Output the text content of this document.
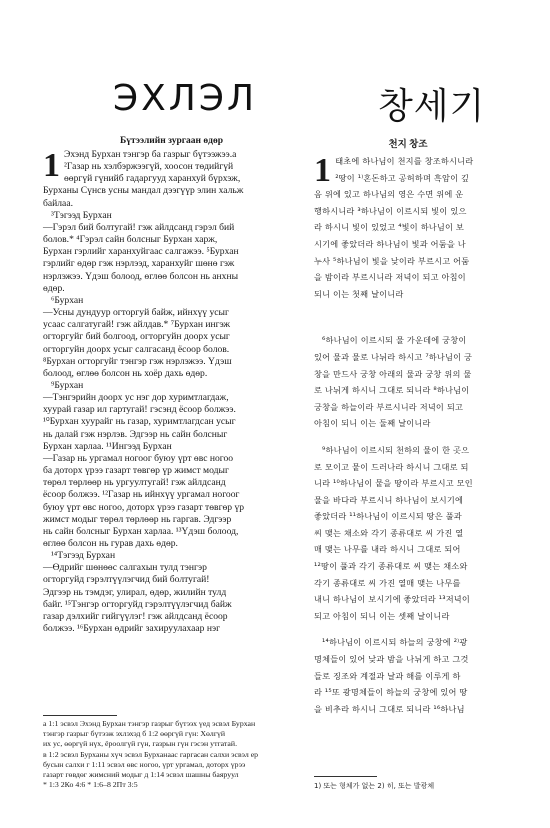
ЭХЛЭЛ	창세기
Бүтээлийн зургаан өдөр
1 Эхэнд Бурхан тэнгэр ба газрыг бүтээжээ.а
²Газар нь хэлбэржээгүй, хоосон төдийгүй
өөргүй гүнийб гадаргууд харанхуй бүрхэж,
Бурханы Сүнсв усны мандал дээгүүр элин хальж
байлаа.
³Тэгээд Бурхан
—Гэрэл бий болтугай! гэж айлдсанд гэрэл бий
болов.* ⁴Гэрэл сайн болсныг Бурхан харж,
Бурхан гэрлийг харанхуйгаас салгажээ. ⁵Бурхан
гэрлийг өдөр гэж нэрлээд, харанхуйг шөнө гэж
нэрлэжээ. Үдэш болоод, өглөө болсон нь анхны
өдөр.
⁶Бурхан
—Усны дундуур огторгуй байж, ийнхүү усыг
усаас салгатугай! гэж айлдав.* ⁷Бурхан ингэж
огторгуйг бий болгоод, огторгуйн доорх усыг
огторгуйн доорх усыг салгасанд ёсоор болов.
⁸Бурхан огторгуйг тэнгэр гэж нэрлэжээ. Үдэш
болоод, өглөө болсон нь хоёр дахь өдөр.
⁹Бурхан
—Тэнгэрийн доорх ус нэг дор хуримтлагдаж,
хуурай газар ил гартугай! гэсэнд ёсоор болжээ.
¹⁰Бурхан хуурайг нь газар, хуримтлагдсан усыг
нь далай гэж нэрлэв. Эдгээр нь сайн болсныг
Бурхан харлаа. ¹¹Ингээд Бурхан
—Газар нь ургамал ногоог буюу үрт өвс ногоо
ба доторх үрээ газарт төвгөр үр жимст модыг
төрөл төрлөөр нь ургуултугай! гэж айлдсанд
ёсоор болжээ. ¹²Газар нь ийнхүү ургамал ногоог
буюу үрт өвс ногоо, доторх үрээ газарт төвгөр үр
жимст модыг төрөл төрлөөр нь гаргав. Эдгээр
нь сайн болсныг Бурхан харлаа. ¹³Үдэш болоод,
өглөө болсон нь гурав дахь өдөр.
¹⁴Тэгээд Бурхан
—Өдрийг шөнөөс салгахын тулд тэнгэр
огторгуйд гэрэлтүүлэгчид бий болтугай!
Эдгээр нь тэмдэг, улирал, өдөр, жилийн тулд
байг. ¹⁵Тэнгэр огторгуйд гэрэлтүүлэгчид байж
газар дэлхийг гийгүүлэг! гэж айлдсанд ёсоор
болжээ. ¹⁶Бурхан өдрийг захируулахаар нэг
천지 창조
1 태초에 하나님이 천지를 창조하시니라
²땅이 ¹⁾혼돈하고 공허하며 흑암이 깊
음 위에 있고 하나님의 영은 수면 위에 운
행하시니라 ³하나님이 이르시되 빛이 있으
라 하시니 빛이 있었고 ⁴빛이 하나님이 보
시기에 좋았더라 하나님이 빛과 어둠을 나
누사 ⁵하나님이 빛을 낮이라 부르시고 어둠
을 밤이라 부르시니라 저녁이 되고 아침이
되니 이는 첫째 날이니라
⁶하나님이 이르시되 물 가운데에 궁창이
있어 물과 물로 나뉘라 하시고 ⁷하나님이 궁
창을 만드사 궁창 아래의 물과 궁창 위의 물
로 나뉘게 하시니 그대로 되니라 ⁸하나님이
궁창을 하늘이라 부르시니라 저녁이 되고
아침이 되니 이는 둘째 날이니라
⁹하나님이 이르시되 천하의 물이 한 곳으
로 모이고 뭍이 드러나라 하시니 그대로 되
니라 ¹⁰하나님이 뭍을 땅이라 부르시고 모인
물을 바다라 부르시니 하나님이 보시기에
좋았더라 ¹¹하나님이 이르시되 땅은 풀과
씨 맺는 채소와 각기 종류대로 씨 가진 열
매 맺는 나무를 내라 하시니 그대로 되어
¹²땅이 풀과 각기 종류대로 씨 맺는 채소와
각기 종류대로 씨 가진 열매 맺는 나무를
내니 하나님이 보시기에 좋았더라 ¹³저녁이
되고 아침이 되니 이는 셋째 날이니라
¹⁴하나님이 이르시되 하늘의 궁창에 ²⁾광
명체들이 있어 낮과 밤을 나뉘게 하고 그것
들로 징조와 계절과 날과 해를 이루게 하
라 ¹⁵또 광명체들이 하늘의 궁창에 있어 땅
을 비추라 하시니 그대로 되니라 ¹⁶하나님
а 1:1 эсвэл Эхэнд Бурхан тэнгэр газрыг бүтээх үед эсвэл Бурхан
тэнгэр газрыг бүтээж эхлэхэд б 1:2 өөргүй гүн: Хөлгүй
их ус, өөргүй нүх, ёроолгүй гүн, газрын гүн гэсэн утгатай.
в 1:2 эсвэл Бурханы хүч эсвэл Бурханаас гаргасан салхи эсвэл ер
бусын салхи г 1:11 эсвэл өвс ногоо, үрт ургамал, доторх үрээ
газарт гөвдөг жимсний модыг д 1:14 эсвэл шашны баяруул
* 1:3 2Ко 4:6 * 1:6–8 2Пт 3:5	1) 또는 형체가 없는 2) 히, 또는 발광체
